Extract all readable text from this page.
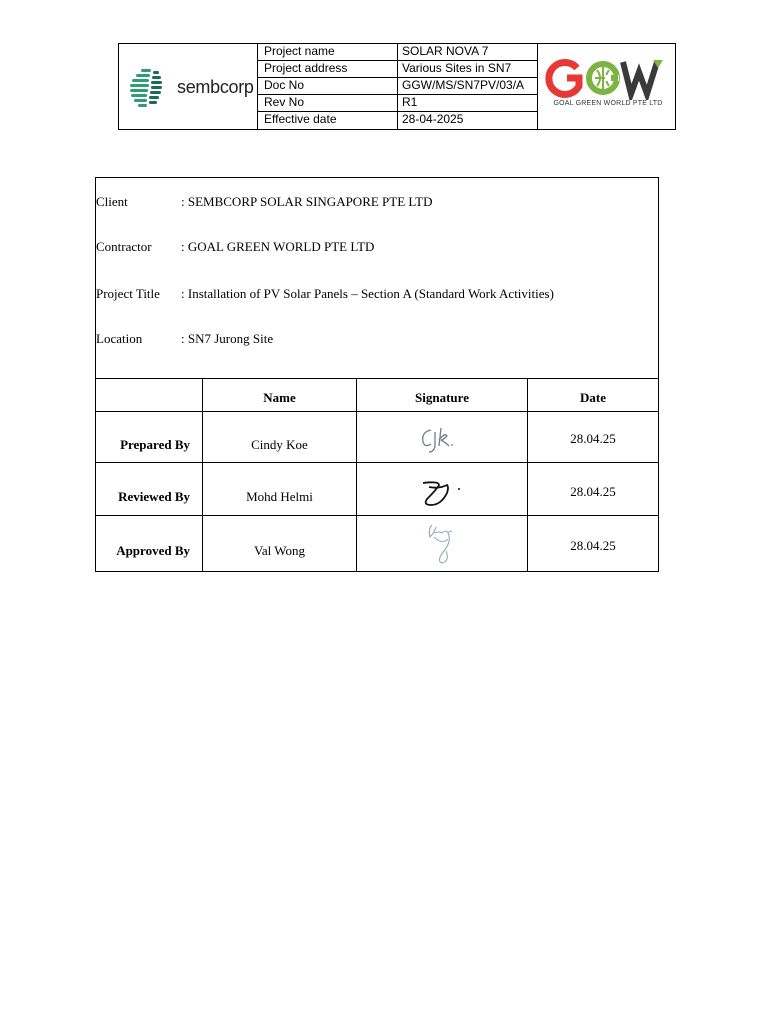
sembcorp
Project name	SOLAR NOVA 7
Project address	Various Sites in SN7
Doc No	GGW/MS/SN7PV/03/A
Rev No	R1
Effective date	28-04-2025
GOAL GREEN WORLD PTE LTD
Client	: SEMBCORP SOLAR SINGAPORE PTE LTD
Contractor : GOAL GREEN WORLD PTE LTD
Project Title : Installation of PV Solar Panels – Section A (Standard Work Activities)
Location	: SN7 Jurong Site
Name	Signature	Date
Prepared By	Cindy Koe	28.04.25
Reviewed By	Mohd Helmi	28.04.25
Approved By	Val Wong	28.04.25
